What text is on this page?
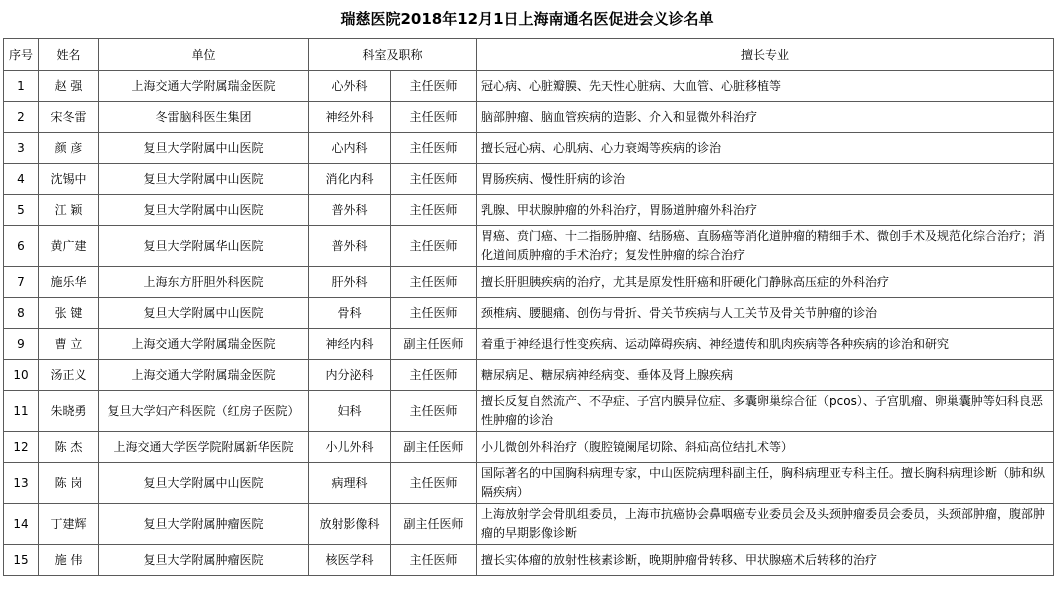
瑞慈医院2018年12月1日上海南通名医促进会义诊名单
序号	姓名	单位	科室及职称		擅长专业
1	赵 强	上海交通大学附属瑞金医院	心外科	主任医师	冠心病、心脏瓣膜、先天性心脏病、大血管、心脏移植等
2	宋冬雷	冬雷脑科医生集团	神经外科	主任医师	脑部肿瘤、脑血管疾病的造影、介入和显微外科治疗
3	颜 彦	复旦大学附属中山医院	心内科	主任医师	擅长冠心病、心肌病、心力衰竭等疾病的诊治
4	沈锡中	复旦大学附属中山医院	消化内科	主任医师	胃肠疾病、慢性肝病的诊治
5	江 颖	复旦大学附属中山医院	普外科	主任医师	乳腺、甲状腺肿瘤的外科治疗，胃肠道肿瘤外科治疗
6	黄广建	复旦大学附属华山医院	普外科	主任医师	胃癌、贲门癌、十二指肠肿瘤、结肠癌、直肠癌等消化道肿瘤的精细手术、微创手术及规范化综合治疗；消化道间质肿瘤的手术治疗；复发性肿瘤的综合治疗
7	施乐华	上海东方肝胆外科医院	肝外科	主任医师	擅长肝胆胰疾病的治疗，尤其是原发性肝癌和肝硬化门静脉高压症的外科治疗
8	张 键	复旦大学附属中山医院	骨科	主任医师	颈椎病、腰腿痛、创伤与骨折、骨关节疾病与人工关节及骨关节肿瘤的诊治
9	曹 立	上海交通大学附属瑞金医院	神经内科	副主任医师	着重于神经退行性变疾病、运动障碍疾病、神经遗传和肌肉疾病等各种疾病的诊治和研究
10	汤正义	上海交通大学附属瑞金医院	内分泌科	主任医师	糖尿病足、糖尿病神经病变、垂体及肾上腺疾病
11	朱晓勇	复旦大学妇产科医院（红房子医院）	妇科	主任医师	擅长反复自然流产、不孕症、子宫内膜异位症、多囊卵巢综合征（pcos）、子宫肌瘤、卵巢囊肿等妇科良恶性肿瘤的诊治
12	陈 杰	上海交通大学医学院附属新华医院	小儿外科	副主任医师	小儿微创外科治疗（腹腔镜阑尾切除、斜疝高位结扎术等）
13	陈 岗	复旦大学附属中山医院	病理科	主任医师	国际著名的中国胸科病理专家，中山医院病理科副主任，胸科病理亚专科主任。擅长胸科病理诊断（肺和纵隔疾病）
14	丁建辉	复旦大学附属肿瘤医院	放射影像科	副主任医师	上海放射学会骨肌组委员，上海市抗癌协会鼻咽癌专业委员会及头颈肿瘤委员会委员，头颈部肿瘤，腹部肿瘤的早期影像诊断
15	施 伟	复旦大学附属肿瘤医院	核医学科	主任医师	擅长实体瘤的放射性核素诊断，晚期肿瘤骨转移、甲状腺癌术后转移的治疗
